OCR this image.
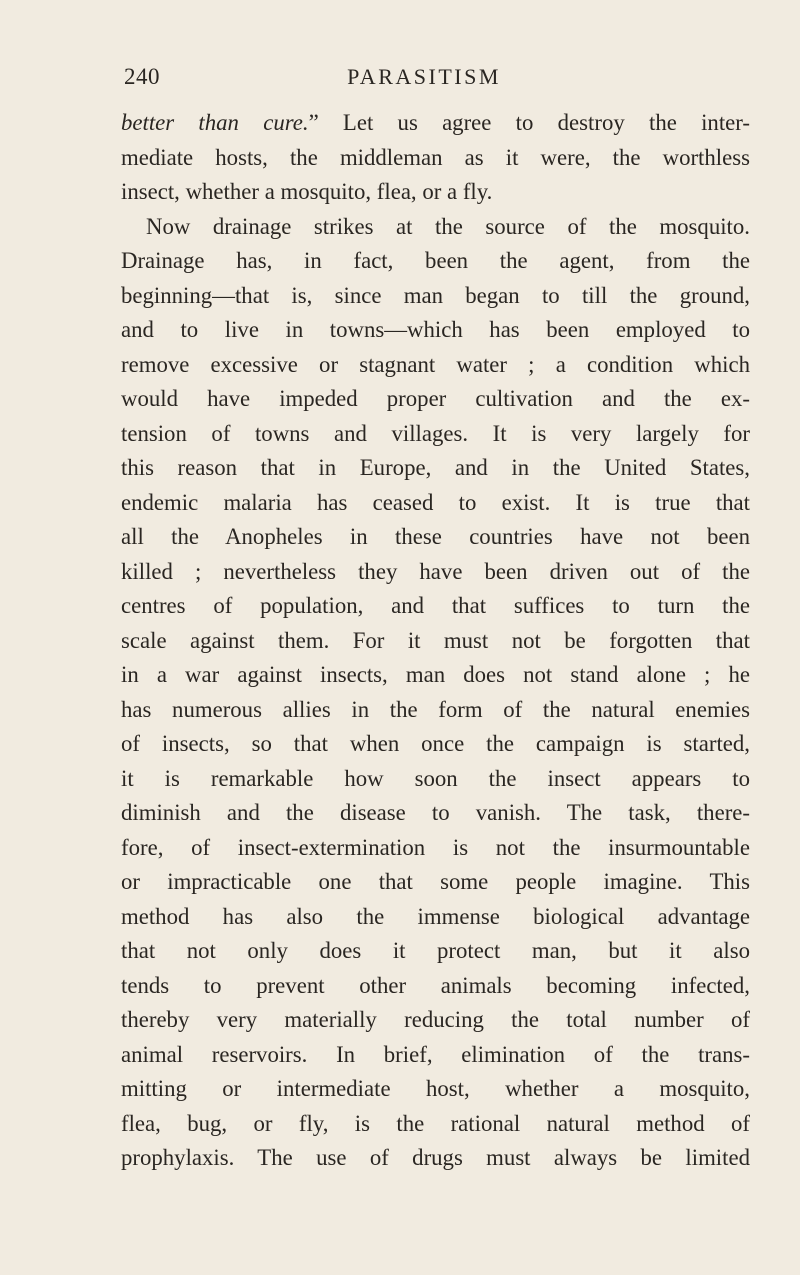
240	PARASITISM
better than cure.” Let us agree to destroy the inter-
mediate hosts, the middleman as it were, the worthless
insect, whether a mosquito, flea, or a fly.
Now drainage strikes at the source of the mosquito.
Drainage has, in fact, been the agent, from the
beginning—that is, since man began to till the ground,
and to live in towns—which has been employed to
remove excessive or stagnant water ; a condition which
would have impeded proper cultivation and the ex-
tension of towns and villages. It is very largely for
this reason that in Europe, and in the United States,
endemic malaria has ceased to exist. It is true that
all the Anopheles in these countries have not been
killed ; nevertheless they have been driven out of the
centres of population, and that suffices to turn the
scale against them. For it must not be forgotten that
in a war against insects, man does not stand alone ; he
has numerous allies in the form of the natural enemies
of insects, so that when once the campaign is started,
it is remarkable how soon the insect appears to
diminish and the disease to vanish. The task, there-
fore, of insect-extermination is not the insurmountable
or impracticable one that some people imagine. This
method has also the immense biological advantage
that not only does it protect man, but it also
tends to prevent other animals becoming infected,
thereby very materially reducing the total number of
animal reservoirs. In brief, elimination of the trans-
mitting or intermediate host, whether a mosquito,
flea, bug, or fly, is the rational natural method of
prophylaxis. The use of drugs must always be limited
